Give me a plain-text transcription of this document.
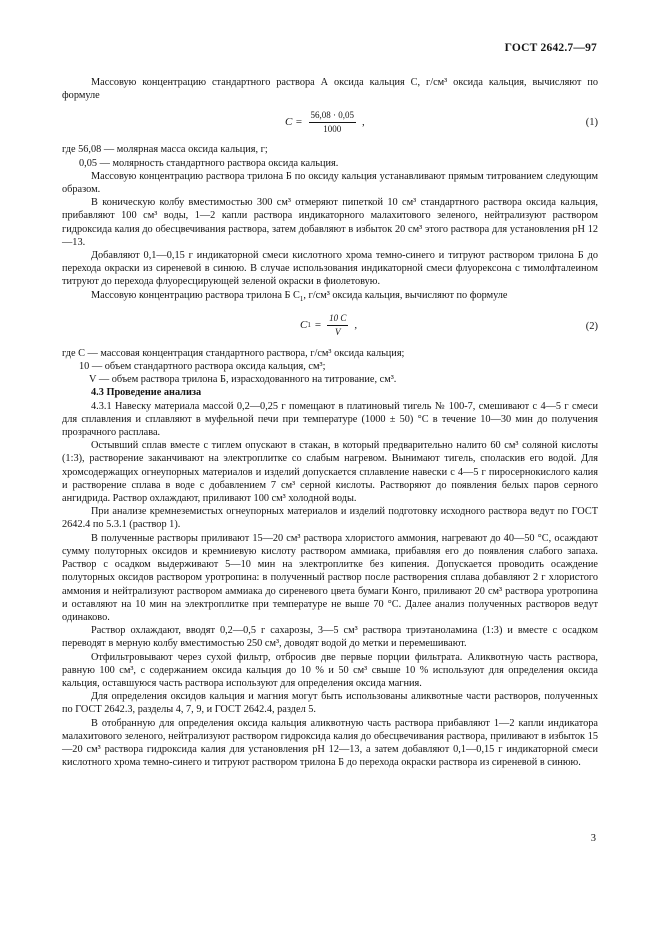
ГОСТ 2642.7—97

Массовую концентрацию стандартного раствора А оксида кальция C, г/см³ оксида кальция, вычисляют по формуле

$C = \frac{56,08 \cdot 0,05}{1000}$ ,	(1)

где 56,08 — молярная масса оксида кальция, г;

0,05 — молярность стандартного раствора оксида кальция.

Массовую концентрацию раствора трилона Б по оксиду кальция устанавливают прямым титрованием следующим образом.

В коническую колбу вместимостью 300 см³ отмеряют пипеткой 10 см³ стандартного раствора оксида кальция, прибавляют 100 см³ воды, 1—2 капли раствора индикаторного малахитового зеленого, нейтрализуют раствором гидроксида калия до обесцвечивания раствора, затем добавляют в избыток 20 см³ этого раствора для установления рН 12—13.

Добавляют 0,1—0,15 г индикаторной смеси кислотного хрома темно-синего и титруют раствором трилона Б до перехода окраски из сиреневой в синюю. В случае использования индикаторной смеси флуорексона с тимолфталеином титруют до перехода флуоресцирующей зеленой окраски в фиолетовую.

Массовую концентрацию раствора трилона Б $C_1$, г/см³ оксида кальция, вычисляют по формуле

C $1 = \frac{10 C}{V}$ ,	(2)

где C — массовая концентрация стандартного раствора, г/см³ оксида кальция;

10 — объем стандартного раствора оксида кальция, см³;

V — объем раствора трилона Б, израсходованного на титрование, см³.

4.3 Проведение анализа

4.3.1 Навеску материала массой 0,2—0,25 г помещают в платиновый тигель № 100-7, смешивают с 4—5 г смеси для сплавления и сплавляют в муфельной печи при температуре (1000 ± 50) °С в течение 10—30 мин до получения прозрачного расплава.

Остывший сплав вместе с тиглем опускают в стакан, в который предварительно налито 60 см³ соляной кислоты (1:3), растворение заканчивают на электроплитке со слабым нагревом. Вынимают тигель, споласкив его водой. Для хромсодержащих огнеупорных материалов и изделий допускается сплавление навески с 4—5 г пиросернокислого калия и растворение сплава в воде с добавлением 7 см³ серной кислоты. Растворяют до появления белых паров серного ангидрида. Раствор охлаждают, приливают 100 см³ холодной воды.

При анализе кремнеземистых огнеупорных материалов и изделий подготовку исходного раствора ведут по ГОСТ 2642.4 по 5.3.1 (раствор 1).

В полученные растворы приливают 15—20 см³ раствора хлористого аммония, нагревают до 40—50 °С, осаждают сумму полуторных оксидов и кремниевую кислоту раствором аммиака, прибавляя его до появления слабого запаха. Раствор с осадком выдерживают 5—10 мин на электроплитке без кипения. Допускается проводить осаждение полуторных оксидов раствором уротропина: в полученный раствор после растворения сплава добавляют 2 г хлористого аммония и нейтрализуют раствором аммиака до сиреневого цвета бумаги Конго, приливают 20 см³ раствора уротропина и оставляют на 10 мин на электроплитке при температуре не выше 70 °С. Далее анализ полученных растворов ведут одинаково.

Раствор охлаждают, вводят 0,2—0,5 г сахарозы, 3—5 см³ раствора триэтаноламина (1:3) и вместе с осадком переводят в мерную колбу вместимостью 250 см³, доводят водой до метки и перемешивают.

Отфильтровывают через сухой фильтр, отбросив две первые порции фильтрата. Аликвотную часть раствора, равную 100 см³, с содержанием оксида кальция до 10 % и 50 см³ свыше 10 % используют для определения оксида кальция, оставшуюся часть раствора используют для определения оксида магния.

Для определения оксидов кальция и магния могут быть использованы аликвотные части растворов, полученных по ГОСТ 2642.3, разделы 4, 7, 9, и ГОСТ 2642.4, раздел 5.

В отобранную для определения оксида кальция аликвотную часть раствора прибавляют 1—2 капли индикатора малахитового зеленого, нейтрализуют раствором гидроксида калия до обесцвечивания раствора, приливают в избыток 15—20 см³ раствора гидроксида калия для установления рН 12—13, а затем добавляют 0,1—0,15 г индикаторной смеси кислотного хрома темно-синего и титруют раствором трилона Б до перехода окраски раствора из сиреневой в синюю.

3
